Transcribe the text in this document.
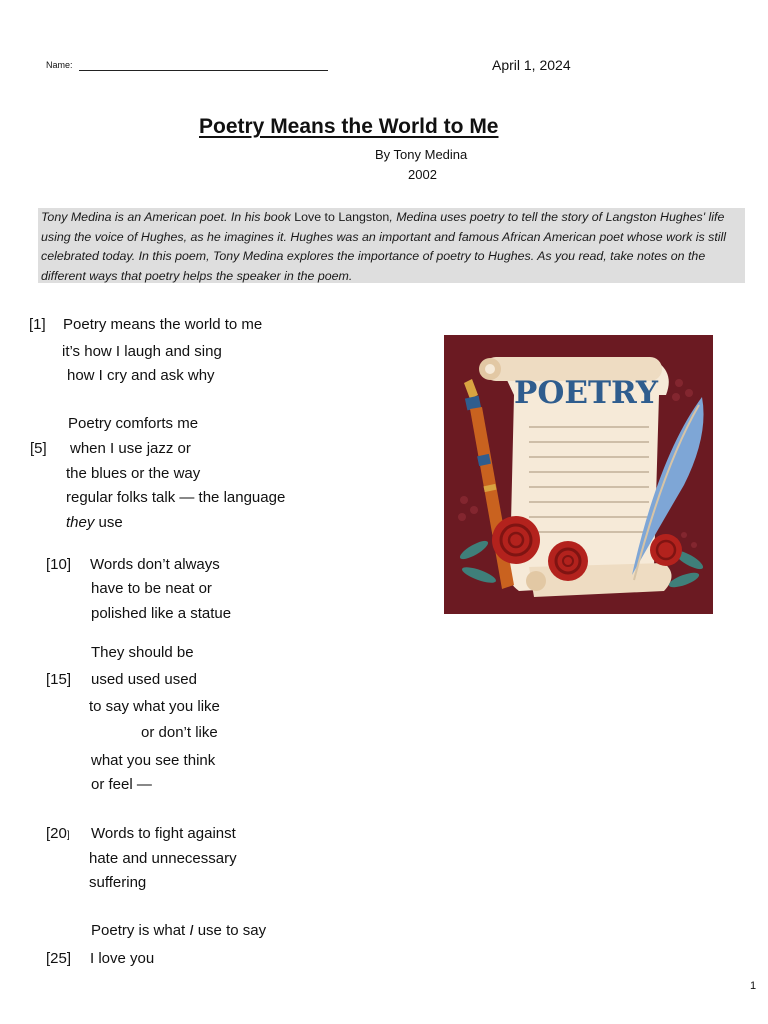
Name:	April 1, 2024
Poetry Means the World to Me
By Tony Medina
2002
Tony Medina is an American poet. In his book Love to Langston, Medina uses poetry to tell the story of Langston Hughes' life using the voice of Hughes, as he imagines it. Hughes was an important and famous African American poet whose work is still celebrated today. In this poem, Tony Medina explores the importance of poetry to Hughes. As you read, take notes on the different ways that poetry helps the speaker in the poem.
[1]
[5]
[10]
[15]
[20]
[25]
Poetry means the world to me
it’s how I laugh and sing
how I cry and ask why
Poetry comforts me
when I use jazz or
the blues or the way
regular folks talk — the language
they use
Words don’t always
have to be neat or
polished like a statue
They should be
used used used
to say what you like
or don’t like
what you see think
or feel —
Words to fight against
hate and unnecessary
suffering
Poetry is what I use to say
I love you
POETRY
1
